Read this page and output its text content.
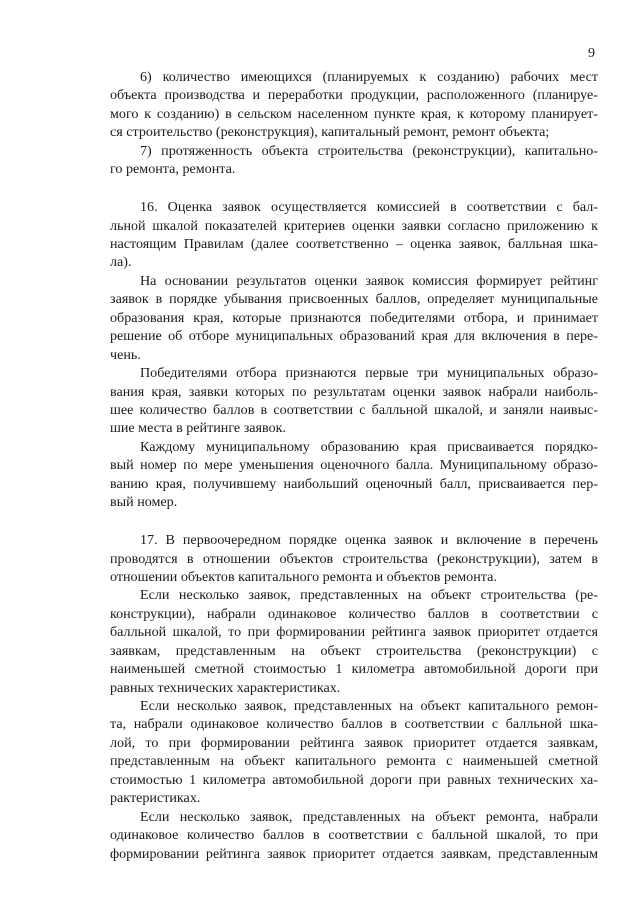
9

6) количество имеющихся (планируемых к созданию) рабочих мест
объекта производства и переработки продукции, расположенного (планируе-
мого к созданию) в сельском населенном пункте края, к которому планирует-
ся строительство (реконструкция), капитальный ремонт, ремонт объекта;

7) протяженность объекта строительства (реконструкции), капитально-
го ремонта, ремонта.

16. Оценка заявок осуществляется комиссией в соответствии с бал-
льной шкалой показателей критериев оценки заявки согласно приложению к
настоящим Правилам (далее соответственно – оценка заявок, балльная шка-
ла).

На основании результатов оценки заявок комиссия формирует рейтинг
заявок в порядке убывания присвоенных баллов, определяет муниципальные
образования края, которые признаются победителями отбора, и принимает
решение об отборе муниципальных образований края для включения в пере-
чень.

Победителями отбора признаются первые три муниципальных образо-
вания края, заявки которых по результатам оценки заявок набрали наиболь-
шее количество баллов в соответствии с балльной шкалой, и заняли наивыс-
шие места в рейтинге заявок.

Каждому муниципальному образованию края присваивается порядко-
вый номер по мере уменьшения оценочного балла. Муниципальному образо-
ванию края, получившему наибольший оценочный балл, присваивается пер-
вый номер.

17. В первоочередном порядке оценка заявок и включение в перечень
проводятся в отношении объектов строительства (реконструкции), затем в
отношении объектов капитального ремонта и объектов ремонта.

Если несколько заявок, представленных на объект строительства (ре-
конструкции), набрали одинаковое количество баллов в соответствии с
балльной шкалой, то при формировании рейтинга заявок приоритет отдается
заявкам, представленным на объект строительства (реконструкции) с
наименьшей сметной стоимостью 1 километра автомобильной дороги при
равных технических характеристиках.

Если несколько заявок, представленных на объект капитального ремон-
та, набрали одинаковое количество баллов в соответствии с балльной шка-
лой, то при формировании рейтинга заявок приоритет отдается заявкам,
представленным на объект капитального ремонта с наименьшей сметной
стоимостью 1 километра автомобильной дороги при равных технических ха-
рактеристиках.

Если несколько заявок, представленных на объект ремонта, набрали
одинаковое количество баллов в соответствии с балльной шкалой, то при
формировании рейтинга заявок приоритет отдается заявкам, представленным
